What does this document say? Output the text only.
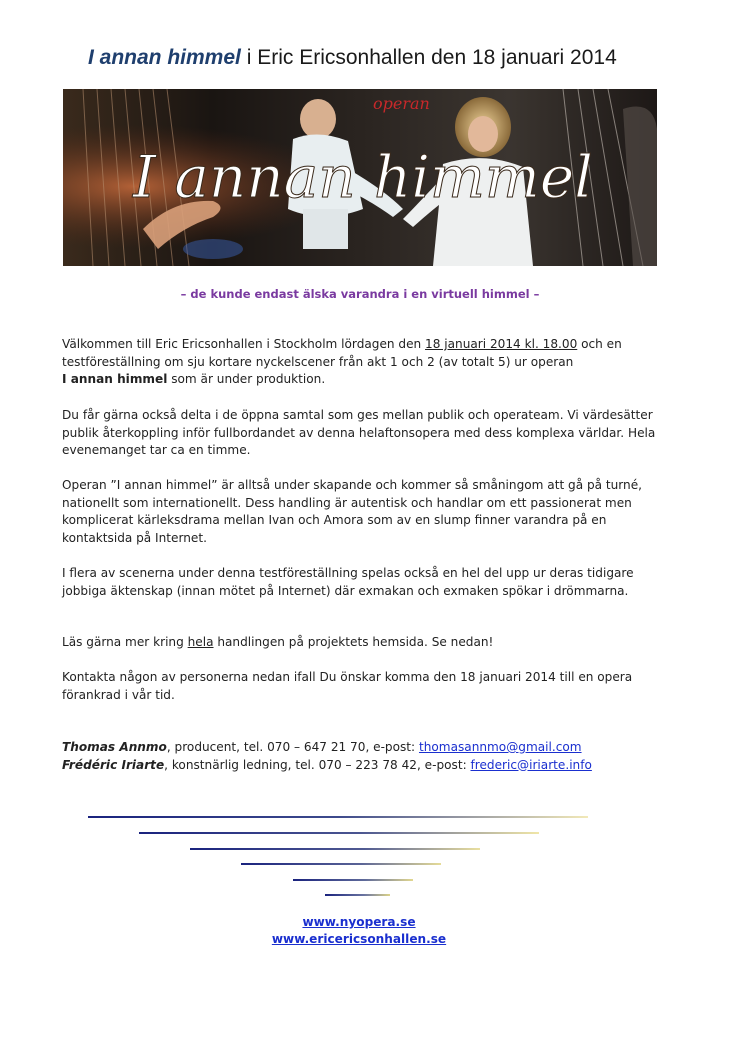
I annan himmel i Eric Ericsonhallen den 18 januari 2014
operan
I annan himmel
– de kunde endast älska varandra i en virtuell himmel –
Välkommen till Eric Ericsonhallen i Stockholm lördagen den 18 januari 2014 kl. 18.00 och en testföreställning om sju kortare nyckelscener från akt 1 och 2 (av totalt 5) ur operan
I annan himmel som är under produktion.
Du får gärna också delta i de öppna samtal som ges mellan publik och operateam. Vi värdesätter publik återkoppling inför fullbordandet av denna helaftonsopera med dess komplexa världar. Hela evenemanget tar ca en timme.
Operan ”I annan himmel” är alltså under skapande och kommer så småningom att gå på turné, nationellt som internationellt. Dess handling är autentisk och handlar om ett passionerat men komplicerat kärleksdrama mellan Ivan och Amora som av en slump finner varandra på en kontaktsida på Internet.
I flera av scenerna under denna testföreställning spelas också en hel del upp ur deras tidigare jobbiga äktenskap (innan mötet på Internet) där exmakan och exmaken spökar i drömmarna.
Läs gärna mer kring hela handlingen på projektets hemsida. Se nedan!
Kontakta någon av personerna nedan ifall Du önskar komma den 18 januari 2014 till en opera förankrad i vår tid.
Thomas Annmo, producent, tel. 070 – 647 21 70, e-post: thomasannmo@gmail.com
Frédéric Iriarte, konstnärlig ledning, tel. 070 – 223 78 42, e-post: frederic@iriarte.info
www.nyopera.se
www.ericericsonhallen.se
